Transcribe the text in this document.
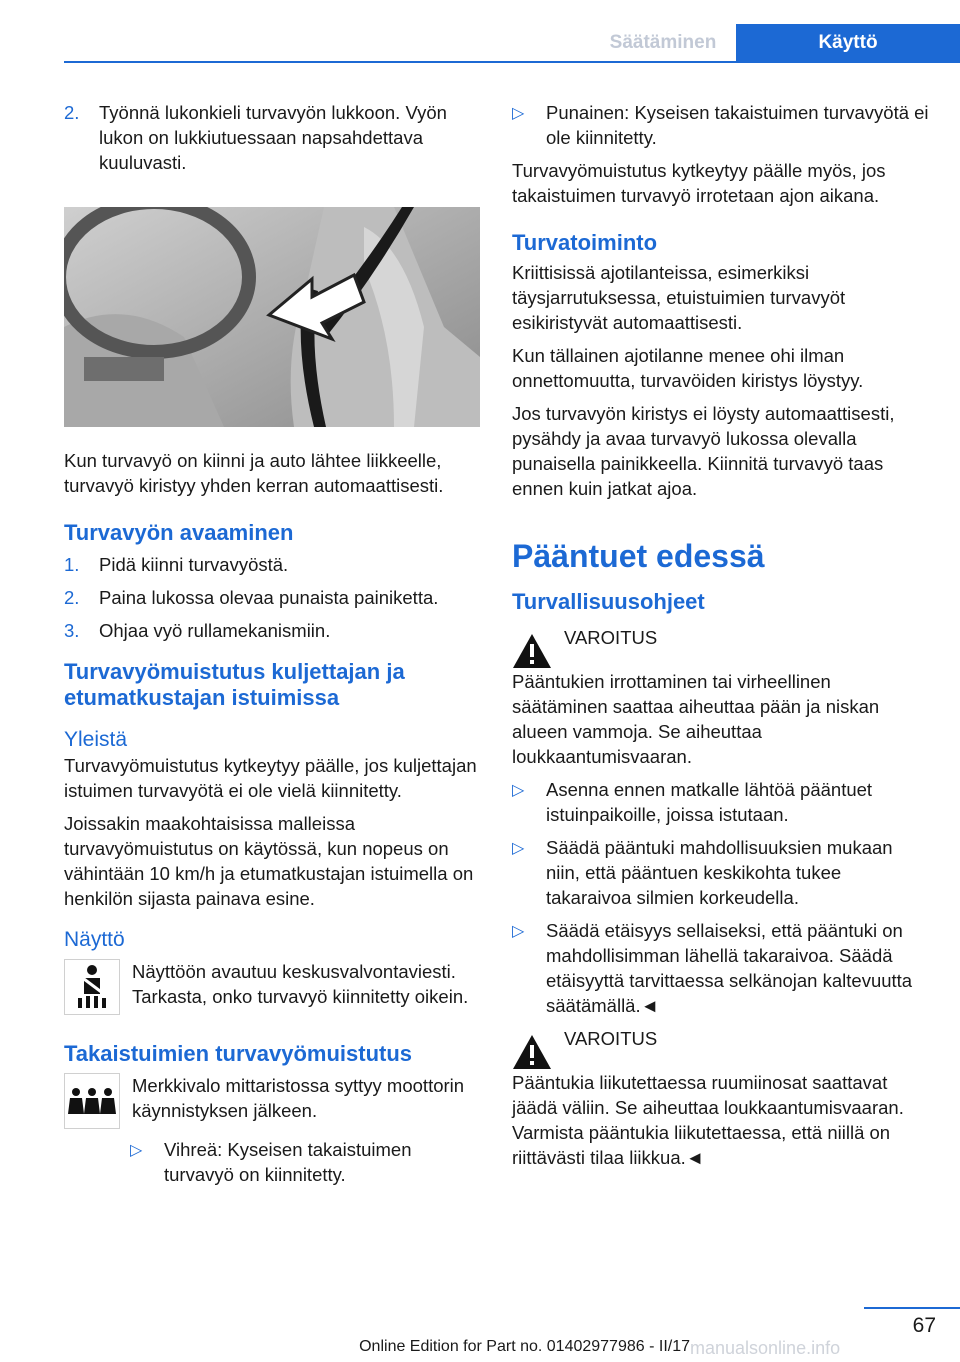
Säätäminen	Käyttö
2.	Työnnä lukonkieli turvavyön lukkoon. Vyön lukon on lukkiutuessaan napsahdettava kuuluvasti.

Kun turvavyö on kiinni ja auto lähtee liikkeelle, turvavyö kiristyy yhden kerran automaattisesti.

Turvavyön avaaminen
1.	Pidä kiinni turvavyöstä.
2.	Paina lukossa olevaa punaista painiketta.
3.	Ohjaa vyö rullamekanismiin.
Turvavyömuistutus kuljettajan ja etumatkustajan istuimissa
Yleistä

Turvavyömuistutus kytkeytyy päälle, jos kuljettajan istuimen turvavyötä ei ole vielä kiinnitetty.

Joissakin maakohtaisissa malleissa turvavyömuistutus on käytössä, kun nopeus on vähintään 10 km/h ja etumatkustajan istuimella on henkilön sijasta painava esine.

Näyttö

Näyttöön avautuu keskusvalvontaviesti. Tarkasta, onko turvavyö kiinnitetty oikein.

Takaistuimien turvavyömuistutus

Merkkivalo mittaristossa syttyy moottorin käynnistyksen jälkeen.

▷	Vihreä: Kyseisen takaistuimen turvavyö on kiinnitetty.
▷	Punainen: Kyseisen takaistuimen turvavyötä ei ole kiinnitetty.

Turvavyömuistutus kytkeytyy päälle myös, jos takaistuimen turvavyö irrotetaan ajon aikana.

Turvatoiminto

Kriittisissä ajotilanteissa, esimerkiksi täysjarrutuksessa, etuistuimien turvavyöt esikiristyvät automaattisesti.

Kun tällainen ajotilanne menee ohi ilman onnettomuutta, turvavöiden kiristys löystyy.

Jos turvavyön kiristys ei löysty automaattisesti, pysähdy ja avaa turvavyö lukossa olevalla punaisella painikkeella. Kiinnitä turvavyö taas ennen kuin jatkat ajoa.

Pääntuet edessä
Turvallisuusohjeet

VAROITUS

Pääntukien irrottaminen tai virheellinen säätäminen saattaa aiheuttaa pään ja niskan alueen vammoja. Se aiheuttaa loukkaantumisvaaran.

▷	Asenna ennen matkalle lähtöä pääntuet istuinpaikoille, joissa istutaan.
▷	Säädä pääntuki mahdollisuuksien mukaan niin, että pääntuen keskikohta tukee takaraivoa silmien korkeudella.
▷	Säädä etäisyys sellaiseksi, että pääntuki on mahdollisimman lähellä takaraivoa. Säädä etäisyyttä tarvittaessa selkänojan kaltevuutta säätämällä.◄

VAROITUS

Pääntukia liikutettaessa ruumiinosat saattavat jäädä väliin. Se aiheuttaa loukkaantumisvaaran. Varmista pääntukia liikutettaessa, että niillä on riittävästi tilaa liikkua.◄

67
Online Edition for Part no. 01402977986 - II/17 manualsonline.info
